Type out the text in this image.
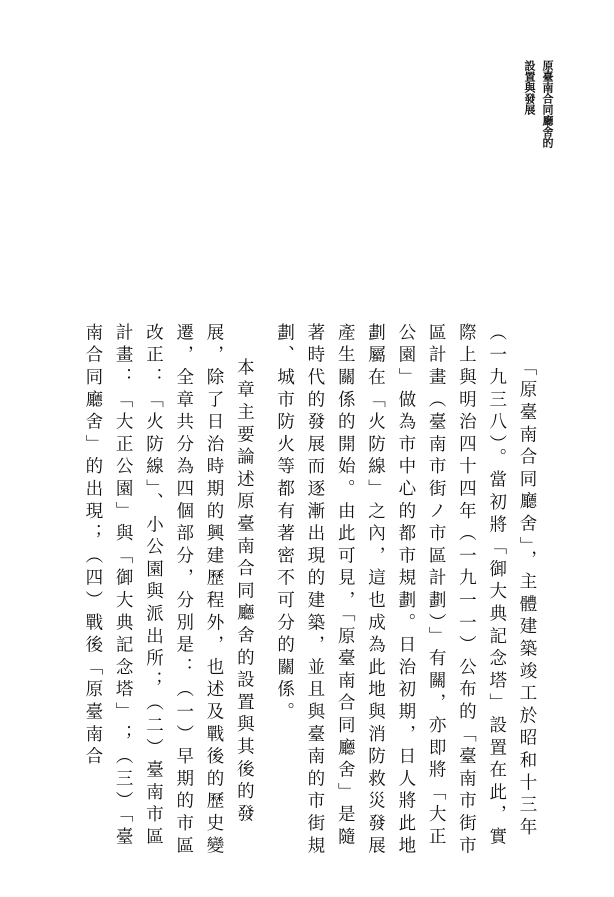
原臺南合同廳舍的
設置與發展

「原臺南合同廳舍」，主體建築竣工於昭和十三年（一九三八）。當初將「御大典記念塔」設置在此，實際上與明治四十四年（一九一一）公布的「臺南市街市區計畫（臺南市街ノ市區計劃）」有關，亦即將「大正公園」做為市中心的都市規劃。日治初期，日人將此地劃屬在「火防線」之內，這也成為此地與消防救災發展產生關係的開始。由此可見，「原臺南合同廳舍」是隨著時代的發展而逐漸出現的建築，並且與臺南的市街規劃、城市防火等都有著密不可分的關係。

本章主要論述原臺南合同廳舍的設置與其後的發展，除了日治時期的興建歷程外，也述及戰後的歷史變遷，全章共分為四個部分，分別是：（一）早期的市區改正：「火防線」、小公園與派出所；（二）臺南市區計畫：「大正公園」與「御大典記念塔」；（三）「臺南合同廳舍」的出現；（四）戰後「原臺南合
